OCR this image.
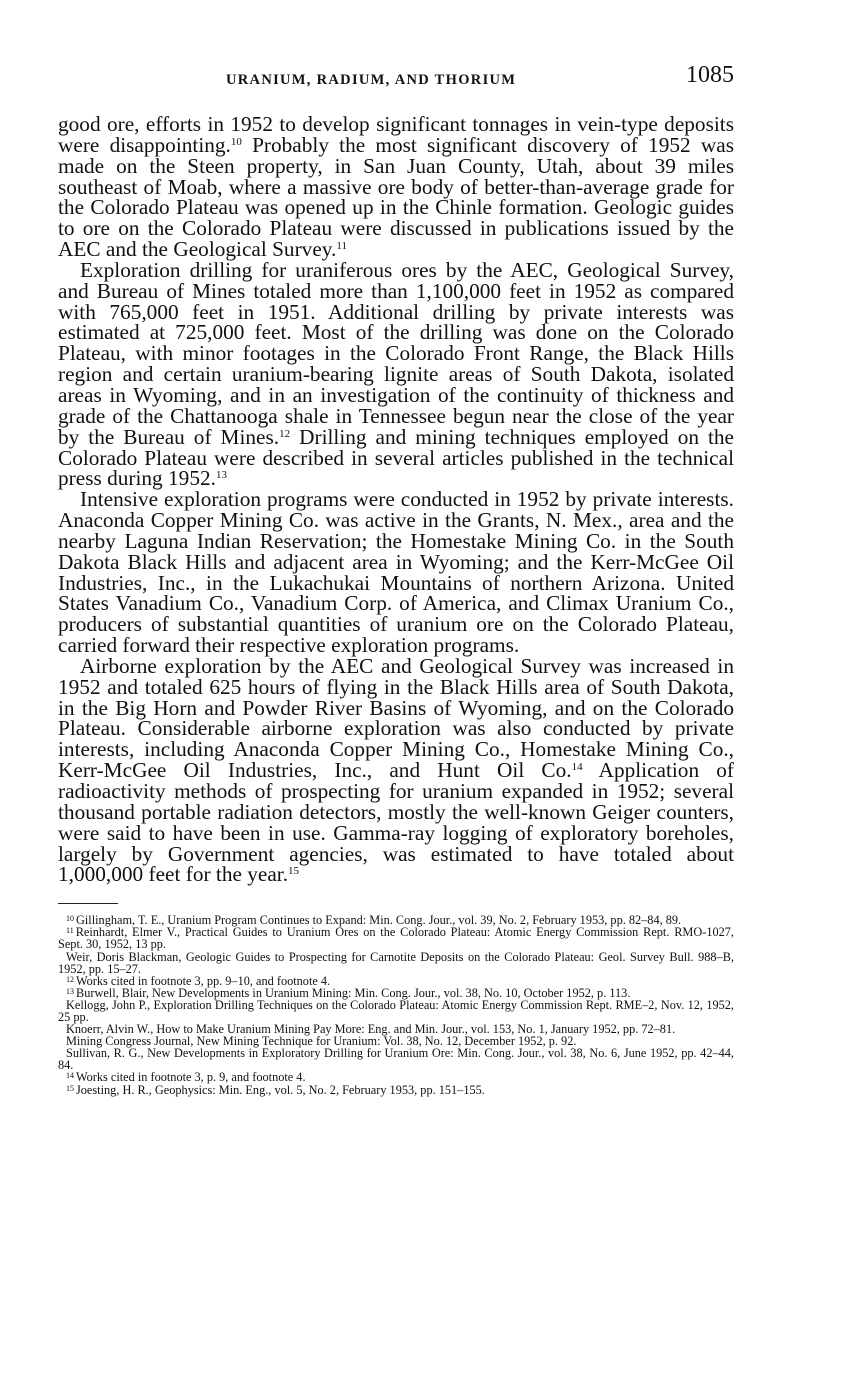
URANIUM, RADIUM, AND THORIUM	1085

good ore, efforts in 1952 to develop significant tonnages in vein-type deposits were disappointing.$^{10}$ Probably the most significant discovery of 1952 was made on the Steen property, in San Juan County, Utah, about 39 miles southeast of Moab, where a massive ore body of better-than-average grade for the Colorado Plateau was opened up in the Chinle formation. Geologic guides to ore on the Colorado Plateau were discussed in publications issued by the AEC and the Geological Survey.$^{11}$

Exploration drilling for uraniferous ores by the AEC, Geological Survey, and Bureau of Mines totaled more than 1,100,000 feet in 1952 as compared with 765,000 feet in 1951. Additional drilling by private interests was estimated at 725,000 feet. Most of the drilling was done on the Colorado Plateau, with minor footages in the Colorado Front Range, the Black Hills region and certain uranium-bearing lignite areas of South Dakota, isolated areas in Wyoming, and in an investigation of the continuity of thickness and grade of the Chattanooga shale in Tennessee begun near the close of the year by the Bureau of Mines.$^{12}$ Drilling and mining techniques employed on the Colorado Plateau were described in several articles published in the technical press during 1952.13

Intensive exploration programs were conducted in 1952 by private interests. Anaconda Copper Mining Co. was active in the Grants, N. Mex., area and the nearby Laguna Indian Reservation; the Homestake Mining Co. in the South Dakota Black Hills and adjacent area in Wyoming; and the Kerr-McGee Oil Industries, Inc., in the Lukachukai Mountains of northern Arizona. United States Vanadium Co., Vanadium Corp. of America, and Climax Uranium Co., producers of substantial quantities of uranium ore on the Colorado Plateau, carried forward their respective exploration programs.

Airborne exploration by the AEC and Geological Survey was increased in 1952 and totaled 625 hours of flying in the Black Hills area of South Dakota, in the Big Horn and Powder River Basins of Wyoming, and on the Colorado Plateau. Considerable airborne exploration was also conducted by private interests, including Anaconda Copper Mining Co., Homestake Mining Co., Kerr-McGee Oil Industries, Inc., and Hunt Oil Co.$^{14}$ Application of radioactivity methods of prospecting for uranium expanded in 1952; several thousand portable radiation detectors, mostly the well-known Geiger counters, were said to have been in use. Gamma-ray logging of exploratory boreholes, largely by Government agencies, was estimated to have totaled about 1,000,000 feet for the year.$^{15}$

$^{10}$ Gillingham, T. E., Uranium Program Continues to Expand: Min. Cong. Jour., vol. 39, No. 2, February 1953, pp. 82–84, 89.

$^{11}$ Reinhardt, Elmer V., Practical Guides to Uranium Ores on the Colorado Plateau: Atomic Energy Commission Rept. RMO-1027, Sept. 30, 1952, 13 pp.

Weir, Doris Blackman, Geologic Guides to Prospecting for Carnotite Deposits on the Colorado Plateau: Geol. Survey Bull. 988–B, 1952, pp. 15–27.

$^{12}$ Works cited in footnote 3, pp. 9–10, and footnote 4.

$^{13}$ Burwell, Blair, New Developments in Uranium Mining: Min. Cong. Jour., vol. 38, No. 10, October 1952, p. 113.

Kellogg, John P., Exploration Drilling Techniques on the Colorado Plateau: Atomic Energy Commission Rept. RME–2, Nov. 12, 1952, 25 pp.

Knoerr, Alvin W., How to Make Uranium Mining Pay More: Eng. and Min. Jour., vol. 153, No. 1, January 1952, pp. 72–81.

Mining Congress Journal, New Mining Technique for Uranium: Vol. 38, No. 12, December 1952, p. 92.

Sullivan, R. G., New Developments in Exploratory Drilling for Uranium Ore: Min. Cong. Jour., vol. 38, No. 6, June 1952, pp. 42–44, 84.

$^{14}$ Works cited in footnote 3, p. 9, and footnote 4.

$^{15}$ Joesting, H. R., Geophysics: Min. Eng., vol. 5, No. 2, February 1953, pp. 151–155.
